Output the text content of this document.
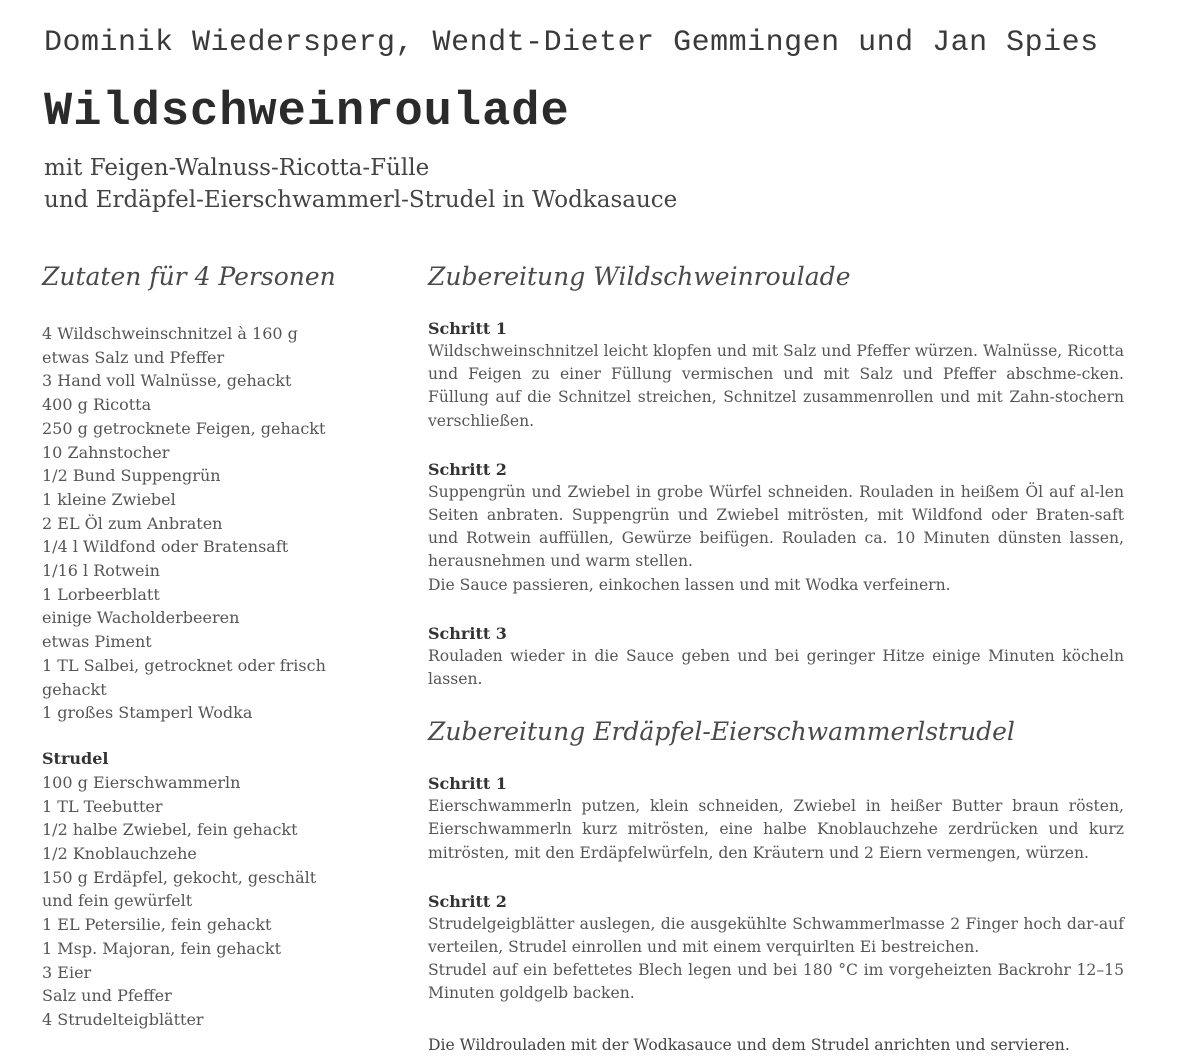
Dominik Wiedersperg, Wendt-Dieter Gemmingen und Jan Spies
Wildschweinroulade
mit Feigen-Walnuss-Ricotta-Fülle
und Erdäpfel-Eierschwammerl-Strudel in Wodkasauce
Zutaten für 4 Personen
4 Wildschweinschnitzel à 160 g
etwas Salz und Pfeffer
3 Hand voll Walnüsse, gehackt
400 g Ricotta
250 g getrocknete Feigen, gehackt
10 Zahnstocher
1/2 Bund Suppengrün
1 kleine Zwiebel
2 EL Öl zum Anbraten
1/4 l Wildfond oder Bratensaft
1/16 l Rotwein
1 Lorbeerblatt
einige Wacholderbeeren
etwas Piment
1 TL Salbei, getrocknet oder frisch
gehackt
1 großes Stamperl Wodka
Strudel
100 g Eierschwammerln
1 TL Teebutter
1/2 halbe Zwiebel, fein gehackt
1/2 Knoblauchzehe
150 g Erdäpfel, gekocht, geschält
und fein gewürfelt
1 EL Petersilie, fein gehackt
1 Msp. Majoran, fein gehackt
3 Eier
Salz und Pfeffer
4 Strudelteigblätter
Zubereitung Wildschweinroulade
Schritt 1

Wildschweinschnitzel leicht klopfen und mit Salz und Pfeffer würzen. Walnüsse, Ricotta und Feigen zu einer Füllung vermischen und mit Salz und Pfeffer abschme-cken. Füllung auf die Schnitzel streichen, Schnitzel zusammenrollen und mit Zahn-stochern verschließen.

Schritt 2

Suppengrün und Zwiebel in grobe Würfel schneiden. Rouladen in heißem Öl auf al-len Seiten anbraten. Suppengrün und Zwiebel mitrösten, mit Wildfond oder Braten-saft und Rotwein auffüllen, Gewürze beifügen. Rouladen ca. 10 Minuten dünsten lassen, herausnehmen und warm stellen.

Die Sauce passieren, einkochen lassen und mit Wodka verfeinern.

Schritt 3

Rouladen wieder in die Sauce geben und bei geringer Hitze einige Minuten köcheln lassen.

Zubereitung Erdäpfel-Eierschwammerlstrudel
Schritt 1

Eierschwammerln putzen, klein schneiden, Zwiebel in heißer Butter braun rösten, Eierschwammerln kurz mitrösten, eine halbe Knoblauchzehe zerdrücken und kurz mitrösten, mit den Erdäpfelwürfeln, den Kräutern und 2 Eiern vermengen, würzen.

Schritt 2

Strudelgeigblätter auslegen, die ausgekühlte Schwammerlmasse 2 Finger hoch dar-auf verteilen, Strudel einrollen und mit einem verquirlten Ei bestreichen.

Strudel auf ein befettetes Blech legen und bei 180 °C im vorgeheizten Backrohr 12–15 Minuten goldgelb backen.

Die Wildrouladen mit der Wodkasauce und dem Strudel anrichten und servieren.
